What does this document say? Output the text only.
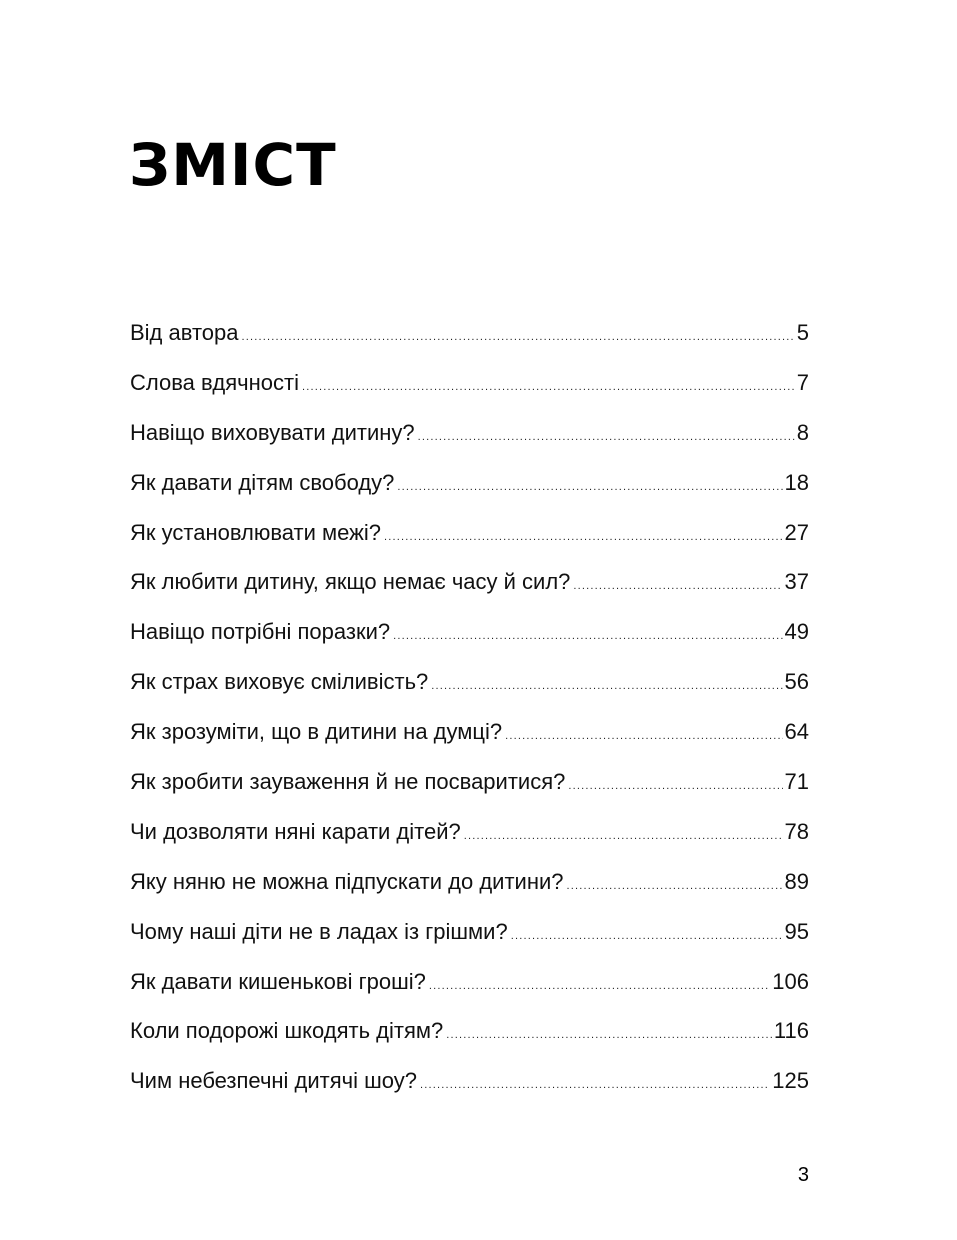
ЗМІСТ
Від автора .....	5
Слова вдячності .....	7
Навіщо виховувати дитину? .....	8
Як давати дітям свободу? .....	18
Як установлювати межі? .....	27
Як любити дитину, якщо немає часу й сил? .....	37
Навіщо потрібні поразки? .....	49
Як страх виховує сміливість? .....	56
Як зрозуміти, що в дитини на думці? .....	64
Як зробити зауваження й не посваритися? .....	71
Чи дозволяти няні карати дітей? .....	78
Яку няню не можна підпускати до дитини? .....	89
Чому наші діти не в ладах із грішми? .....	95
Як давати кишенькові гроші? .....	106
Коли подорожі шкодять дітям? .....	116
Чим небезпечні дитячі шоу? .....	125
3
